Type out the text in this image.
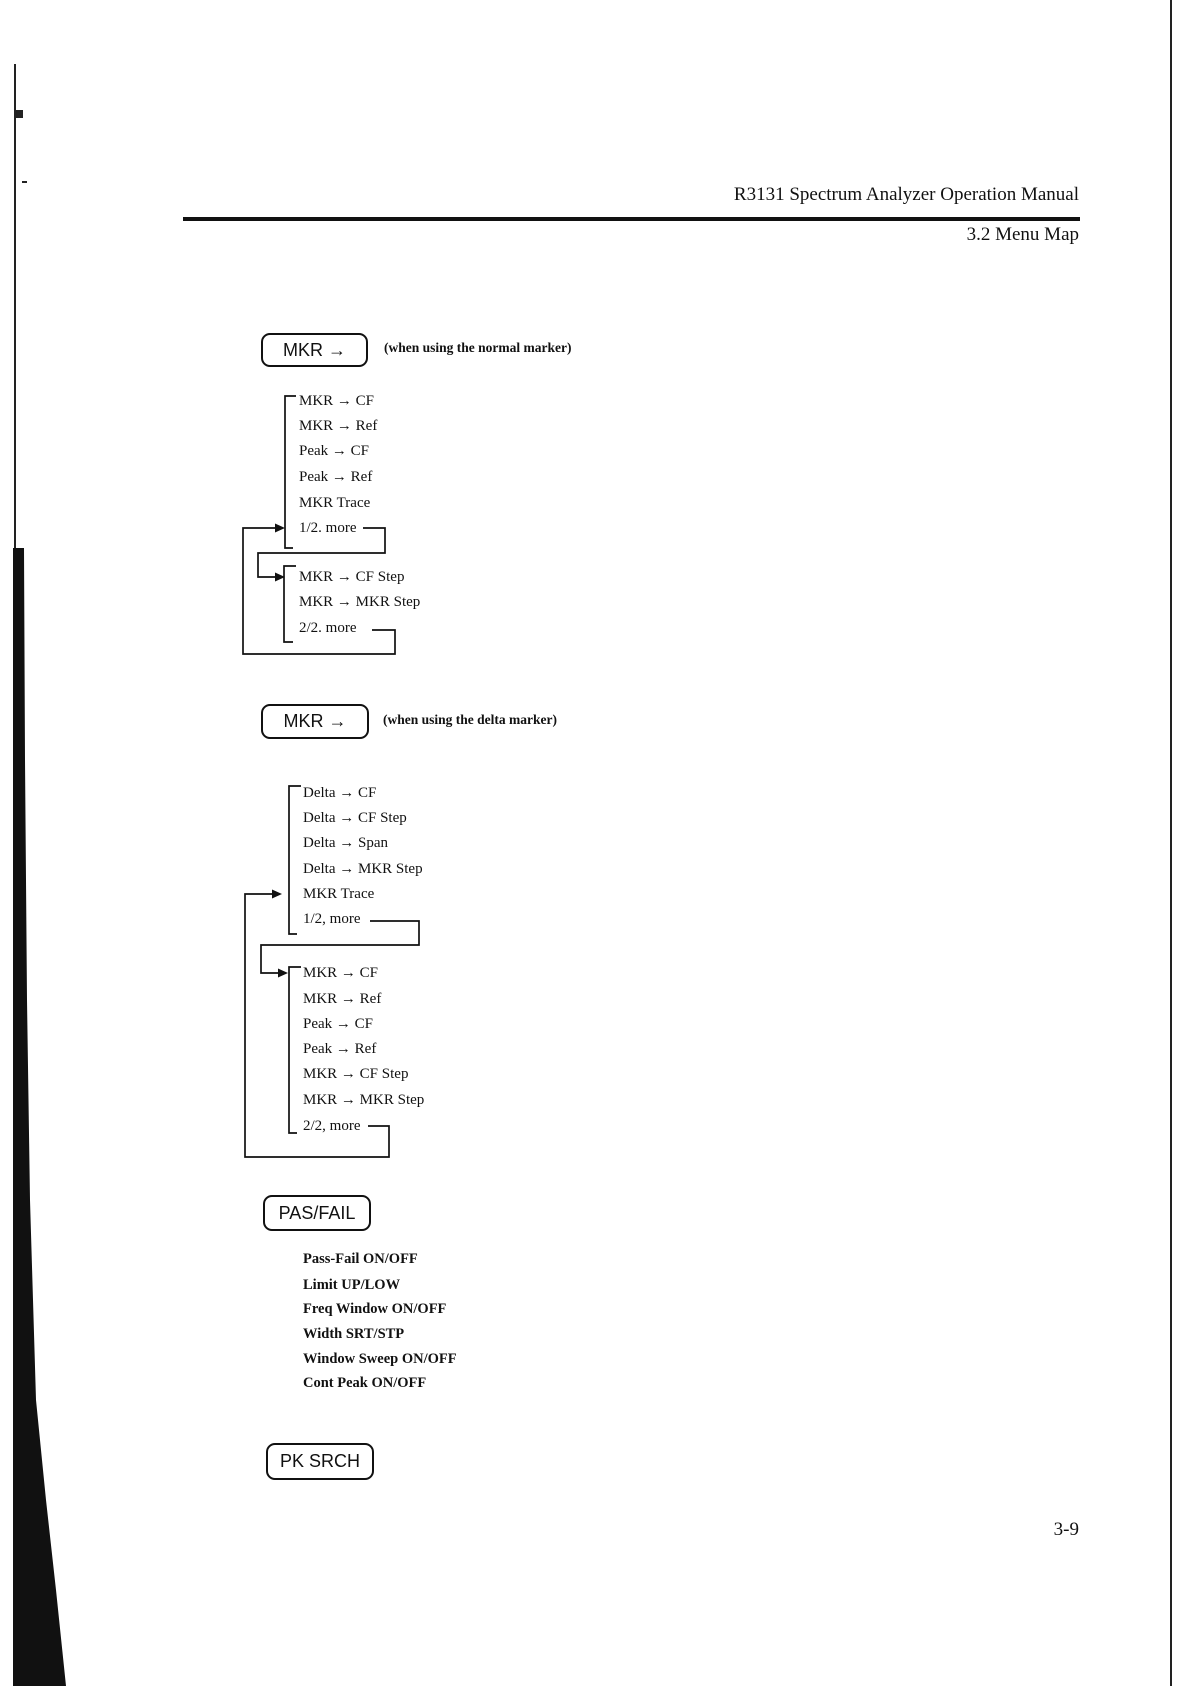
R3131 Spectrum Analyzer Operation Manual
3.2 Menu Map
MKR →	(when using the normal marker)
MKR → CF
MKR → Ref
Peak → CF
Peak → Ref
MKR Trace
1/2. more
MKR → CF Step
MKR → MKR Step
2/2. more
MKR →	(when using the delta marker)
Delta → CF
Delta → CF Step
Delta → Span
Delta → MKR Step
MKR Trace
1/2, more
MKR → CF
MKR → Ref
Peak → CF
Peak → Ref
MKR → CF Step
MKR → MKR Step
2/2, more
PAS/FAIL
Pass-Fail ON/OFF
Limit UP/LOW
Freq Window ON/OFF
Width SRT/STP
Window Sweep ON/OFF
Cont Peak ON/OFF
PK SRCH
3-9
